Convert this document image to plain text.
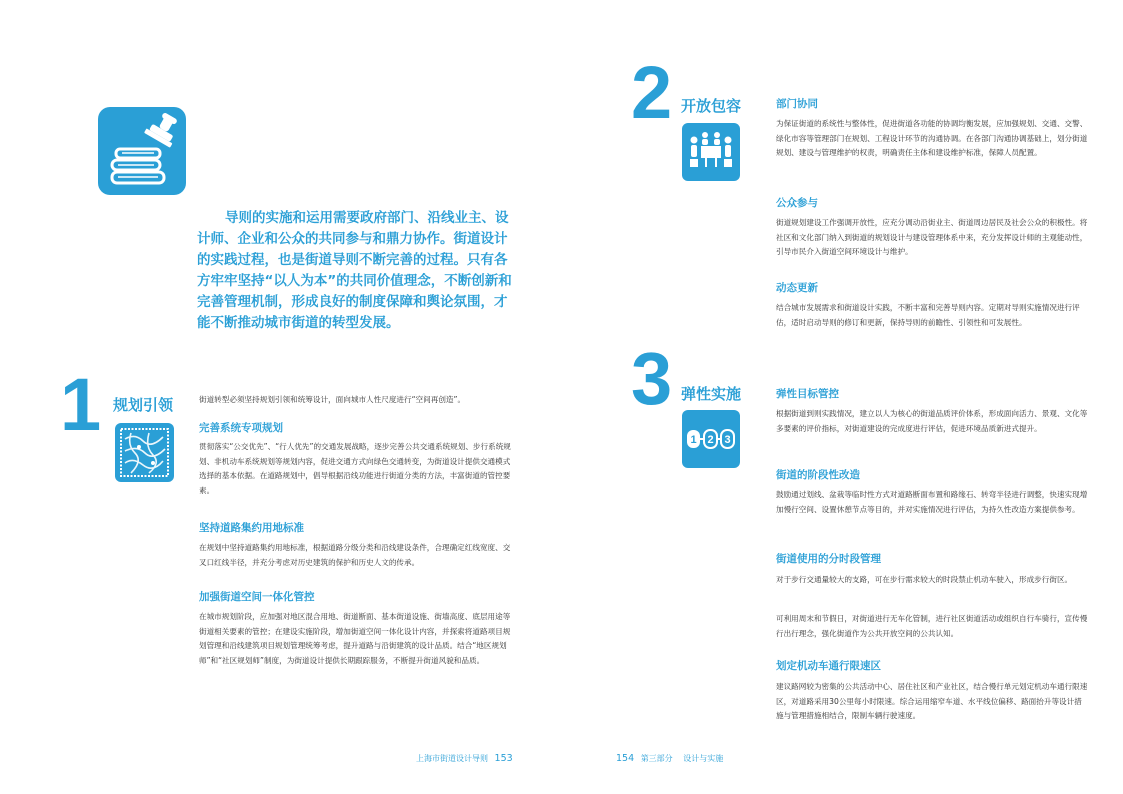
导则的实施和运用需要政府部门、沿线业主、设计师、企业和公众的共同参与和鼎力协作。街道设计的实践过程，也是街道导则不断完善的过程。只有各方牢牢坚持“以人为本”的共同价值理念，不断创新和完善管理机制，形成良好的制度保障和舆论氛围，才能不断推动城市街道的转型发展。
1 规划引领	街道转型必须坚持规划引领和统筹设计，面向城市人性尺度进行“空间再创造”。
完善系统专项规划
贯彻落实“公交优先”、“行人优先”的交通发展战略，逐步完善公共交通系统规划、步行系统规划、非机动车系统规划等规划内容，促进交通方式向绿色交通转变，为街道设计提供交通模式选择的基本依据。在道路规划中，倡导根据沿线功能进行街道分类的方法，丰富街道的管控要素。
坚持道路集约用地标准
在规划中坚持道路集约用地标准，根据道路分级分类和沿线建设条件，合理确定红线宽度、交叉口红线半径，并充分考虑对历史建筑的保护和历史人文的传承。
加强街道空间一体化管控
在城市规划阶段，应加强对地区混合用地、街道断面、基本街道设施、街墙高度、底层用途等街道相关要素的管控；在建设实施阶段，增加街道空间一体化设计内容，并探索将道路项目规划管理和沿线建筑项目规划管理统筹考虑，提升道路与沿街建筑的设计品质。结合“地区规划师”和“社区规划师”制度，为街道设计提供长期跟踪服务，不断提升街道风貌和品质。
上海市街道设计导则 153
2 开放包容	部门协同
为保证街道的系统性与整体性，促进街道各功能的协调均衡发展，应加强规划、交通、交警、绿化市容等管理部门在规划、工程设计环节的沟通协调。在各部门沟通协调基础上，划分街道规划、建设与管理维护的权责，明确责任主体和建设维护标准，保障人员配置。
公众参与
街道规划建设工作强调开放性，应充分调动沿街业主、街道周边居民及社会公众的积极性。将社区和文化部门纳入到街道的规划设计与建设管理体系中来，充分发挥设计师的主观能动性，引导市民介入街道空间环境设计与维护。
动态更新
结合城市发展需求和街道设计实践，不断丰富和完善导则内容。定期对导则实施情况进行评估，适时启动导则的修订和更新，保持导则的前瞻性、引领性和可发展性。
3 弹性实施
1 2 3
弹性目标管控
根据街道到则实践情况，建立以人为核心的街道品质评价体系，形成面向活力、景观、文化等多要素的评价指标，对街道建设的完成度进行评估，促进环境品质新进式提升。
街道的阶段性改造
鼓励通过划线、盆栽等临时性方式对道路断面布置和路缘石、转弯半径进行调整，快速实现增加慢行空间、设置休憩节点等目的，并对实施情况进行评估，为持久性改造方案提供参考。
街道使用的分时段管理
对于步行交通量较大的支路，可在步行需求较大的时段禁止机动车驶入，形成步行街区。
可利用周末和节假日，对街道进行无车化管制，进行社区街道活动或组织自行车骑行，宣传慢行出行理念，强化街道作为公共开放空间的公共认知。
划定机动车通行限速区
建议路网较为密集的公共活动中心、居住社区和产业社区，结合慢行单元划定机动车通行限速区，对道路采用30公里每小时限速。综合运用缩窄车道、水平线位偏移、路面抬升等设计措施与管理措施相结合，限制车辆行驶速度。
154 第三部分 设计与实施
